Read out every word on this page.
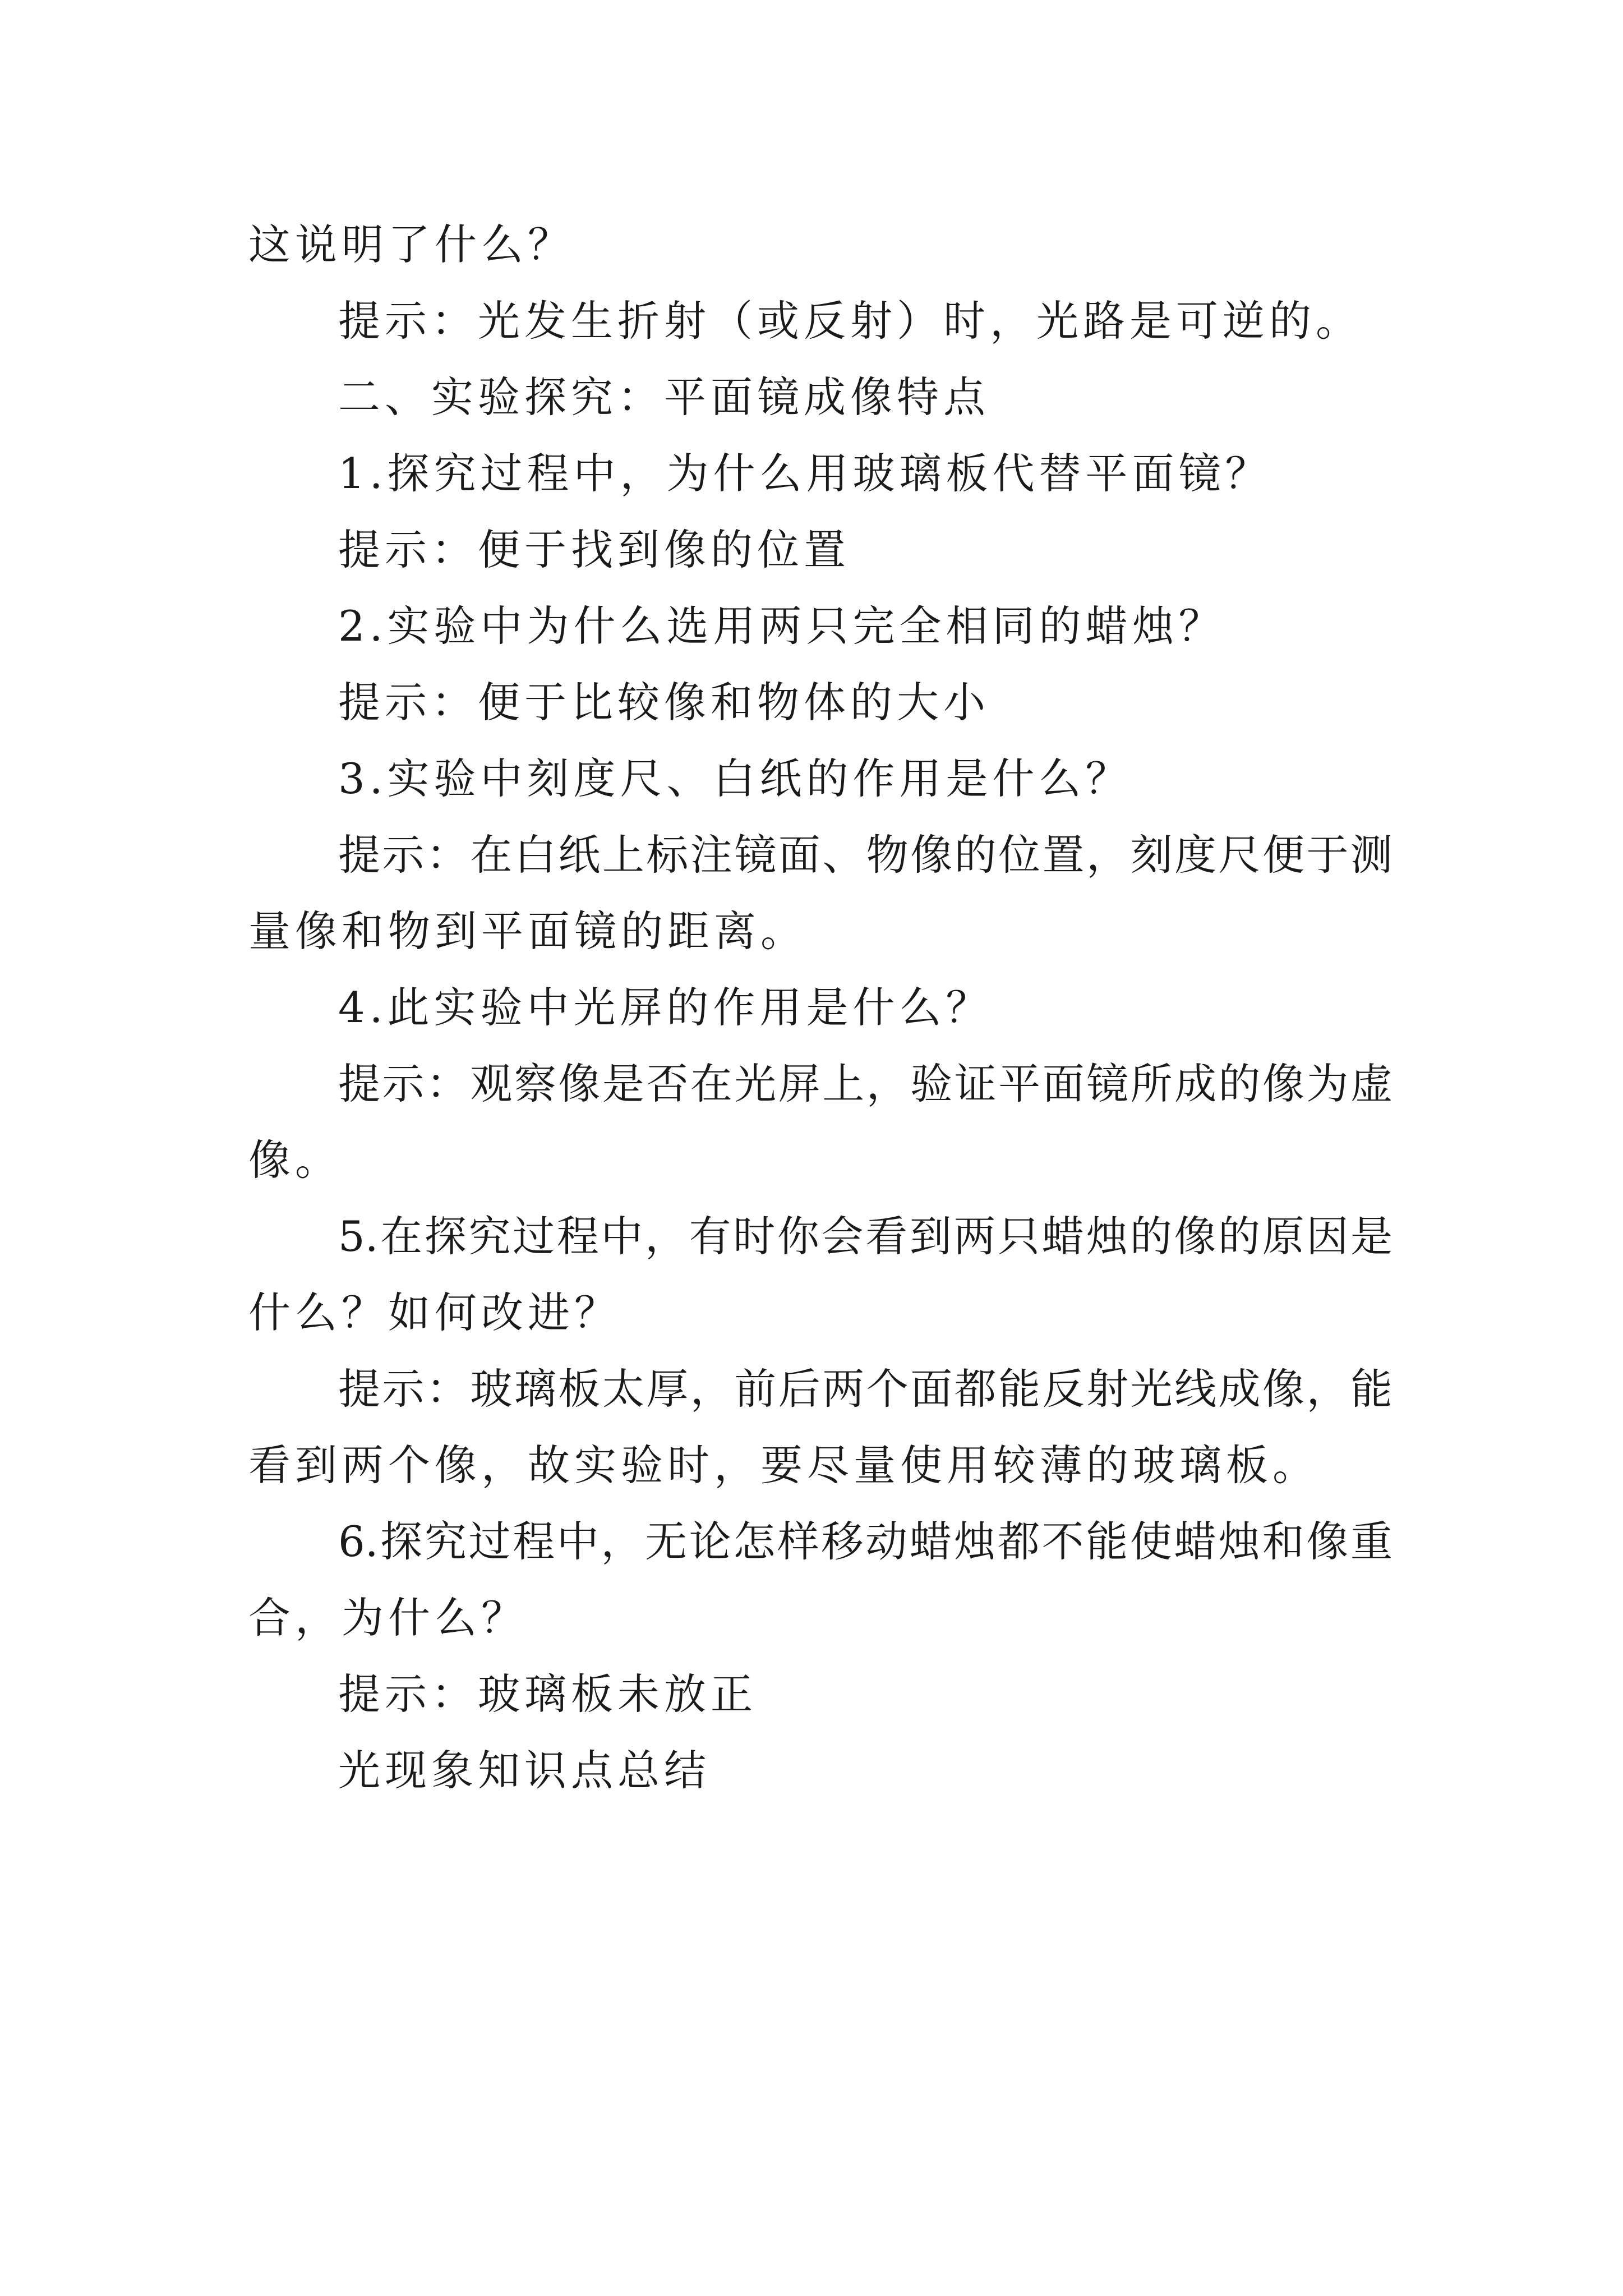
这说明了什么？
提示：光发生折射（或反射）时，光路是可逆的。
二、实验探究：平面镜成像特点
1.探究过程中，为什么用玻璃板代替平面镜？
提示：便于找到像的位置
2.实验中为什么选用两只完全相同的蜡烛？
提示：便于比较像和物体的大小
3.实验中刻度尺、白纸的作用是什么？
提示：在白纸上标注镜面、物像的位置，刻度尺便于测
量像和物到平面镜的距离。
4.此实验中光屏的作用是什么？
提示：观察像是否在光屏上，验证平面镜所成的像为虚
像。
5.在探究过程中，有时你会看到两只蜡烛的像的原因是
什么？如何改进？
提示：玻璃板太厚，前后两个面都能反射光线成像，能
看到两个像，故实验时，要尽量使用较薄的玻璃板。
6.探究过程中，无论怎样移动蜡烛都不能使蜡烛和像重
合，为什么？
提示：玻璃板未放正
光现象知识点总结
